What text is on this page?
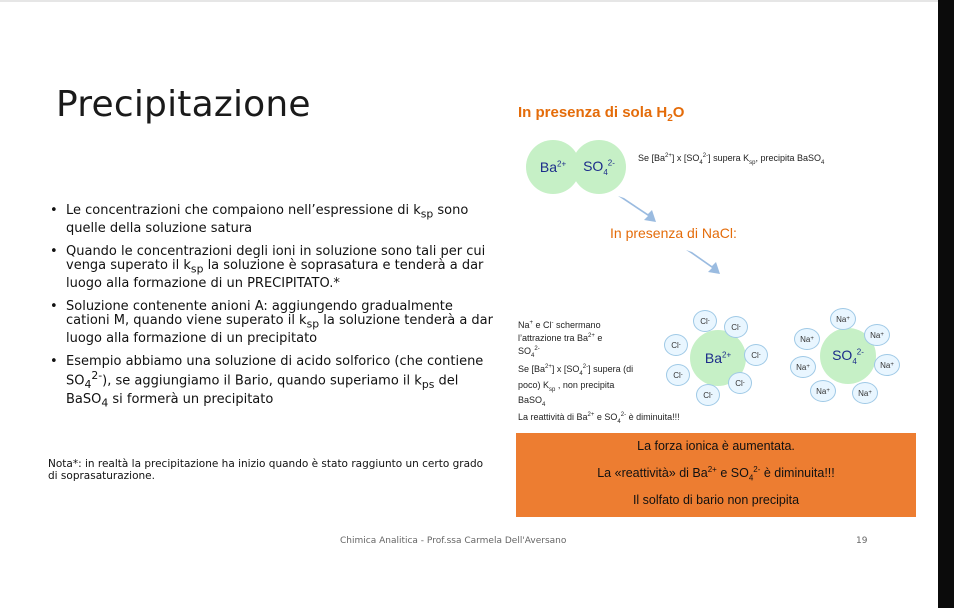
Precipitazione
• Le concentrazioni che compaiono nell’espressione di $k_{sp}$ sono quelle della soluzione satura
• Quando le concentrazioni degli ioni in soluzione sono tali per cui venga superato il $k_{sp}$ la soluzione è soprasatura e tenderà a dar luogo alla formazione di un PRECIPITATO.*
• Soluzione contenente anioni A: aggiungendo gradualmente cationi M, quando viene superato il $k_{sp}$ la soluzione tenderà a dar luogo alla formazione di un precipitato
• Esempio abbiamo una soluzione di acido solforico (che contiene $SO_4^{2-}$), se aggiungiamo il Bario, quando superiamo il $k_{ps}$ del BaSO$_4$ si formerà un precipitato
Nota*: in realtà la precipitazione ha inizio quando è stato raggiunto un certo grado di soprasaturazione.
In presenza di sola $H_2O$
$Ba^{2+}$ $SO_4^{2-}$	Se $[Ba^{2+}]$ x $[SO_4^{2-}]$ supera $K_{sp}$, precipita BaSO$_4$
In presenza di NaCl:
Na+ e Cl- schermano
l’attrazione tra $Ba^{2+}$ e
$SO_4^{2-}$
Se $[Ba^{2+}]$ x $[SO_4^{2-}]$ supera (di
poco) $K_{sp}$ , non precipita
BaSO$_4$
La reattività di $Ba^{2+}$ e $SO_4^{2-}$ è diminuita!!!
$Ba^{2+}$
Cl -
Cl -
Cl -
Cl -
Cl -
Cl -
Cl -
$SO_4^{2-}$
Na +
Na +	Na +
Na +	Na +
Na +	Na +
La forza ionica è aumentata.
La «reattività» di $Ba^{2+}$ e $SO_4^{2-}$ è diminuita!!!
Il solfato di bario non precipita
Chimica Analitica - Prof.ssa Carmela Dell'Aversano	19
